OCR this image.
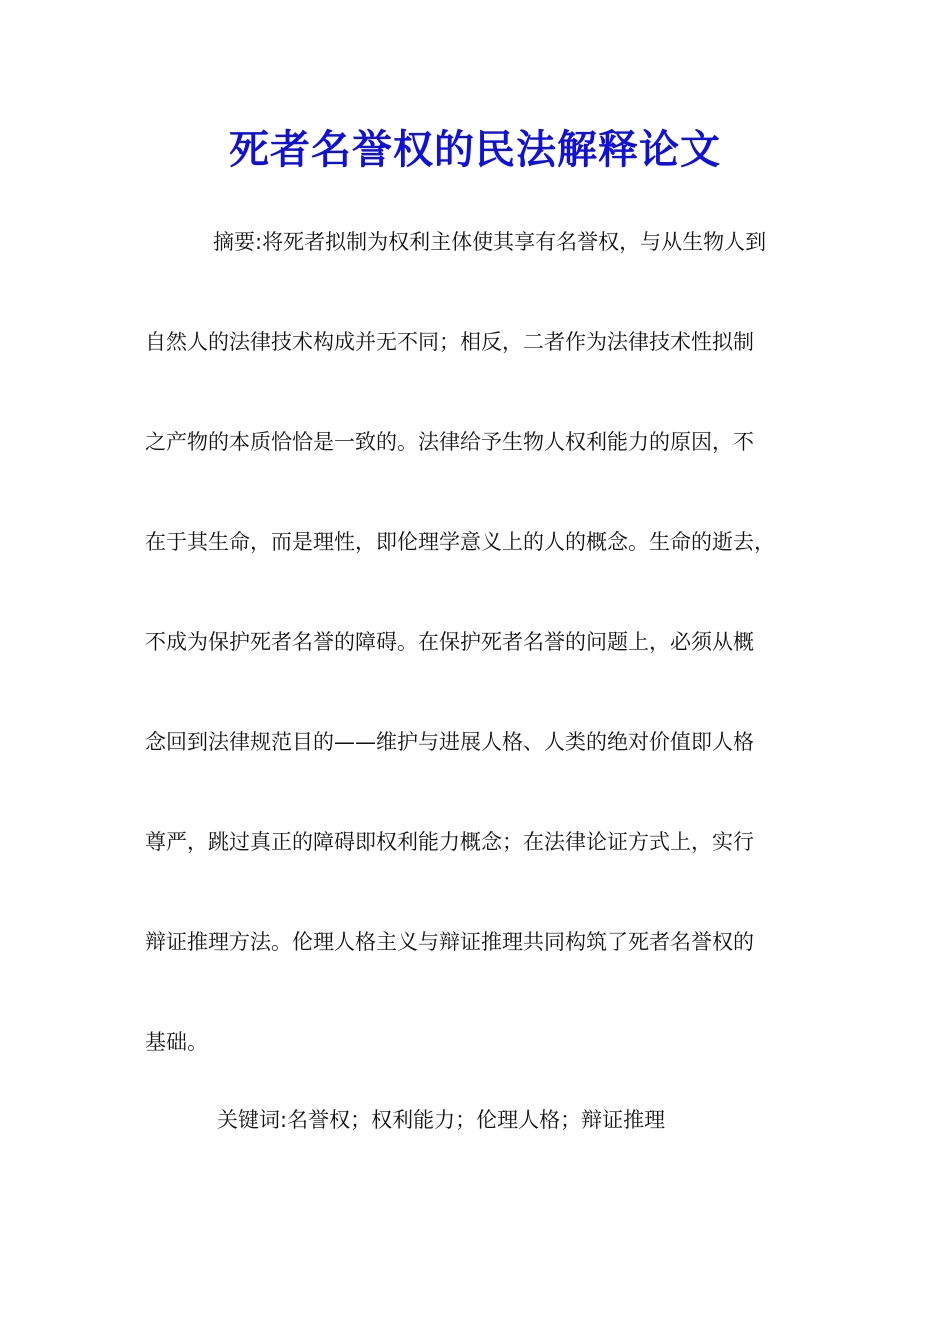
死者名誉权的民法解释论文
摘要:将死者拟制为权利主体使其享有名誉权，与从生物人到
自然人的法律技术构成并无不同；相反，二者作为法律技术性拟制
之产物的本质恰恰是一致的。法律给予生物人权利能力的原因，不
在于其生命，而是理性，即伦理学意义上的人的概念。生命的逝去，
不成为保护死者名誉的障碍。在保护死者名誉的问题上，必须从概
念回到法律规范目的——维护与进展人格、人类的绝对价值即人格
尊严，跳过真正的障碍即权利能力概念；在法律论证方式上，实行
辩证推理方法。伦理人格主义与辩证推理共同构筑了死者名誉权的
基础。
关键词:名誉权；权利能力；伦理人格；辩证推理
